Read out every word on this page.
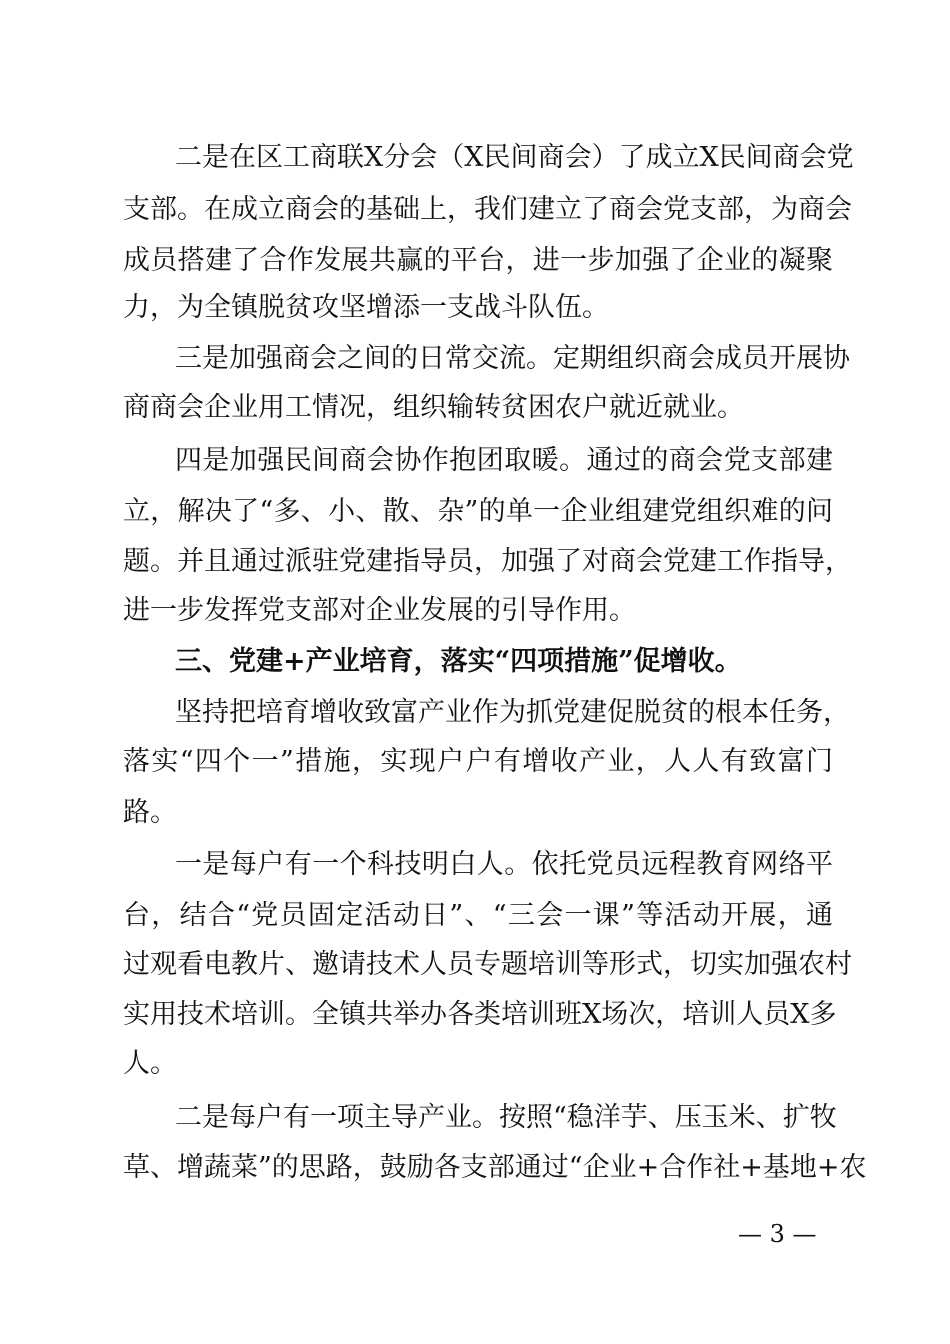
二是在区工商联X分会（X民间商会）了成立X民间商会党
支部。在成立商会的基础上，我们建立了商会党支部，为商会
成员搭建了合作发展共赢的平台，进一步加强了企业的凝聚
力，为全镇脱贫攻坚增添一支战斗队伍。
三是加强商会之间的日常交流。定期组织商会成员开展协
商商会企业用工情况，组织输转贫困农户就近就业。
四是加强民间商会协作抱团取暖。通过的商会党支部建
立，解决了“多、小、散、杂”的单一企业组建党组织难的问
题。并且通过派驻党建指导员，加强了对商会党建工作指导，
进一步发挥党支部对企业发展的引导作用。
三、党建+产业培育，落实“四项措施”促增收。
坚持把培育增收致富产业作为抓党建促脱贫的根本任务，
落实“四个一”措施，实现户户有增收产业，人人有致富门
路。
一是每户有一个科技明白人。依托党员远程教育网络平
台，结合“党员固定活动日”、“三会一课”等活动开展，通
过观看电教片、邀请技术人员专题培训等形式，切实加强农村
实用技术培训。全镇共举办各类培训班X场次，培训人员X多
人。
二是每户有一项主导产业。按照“稳洋芋、压玉米、扩牧
草、增蔬菜”的思路，鼓励各支部通过“企业+合作社+基地+农
— 3 —
